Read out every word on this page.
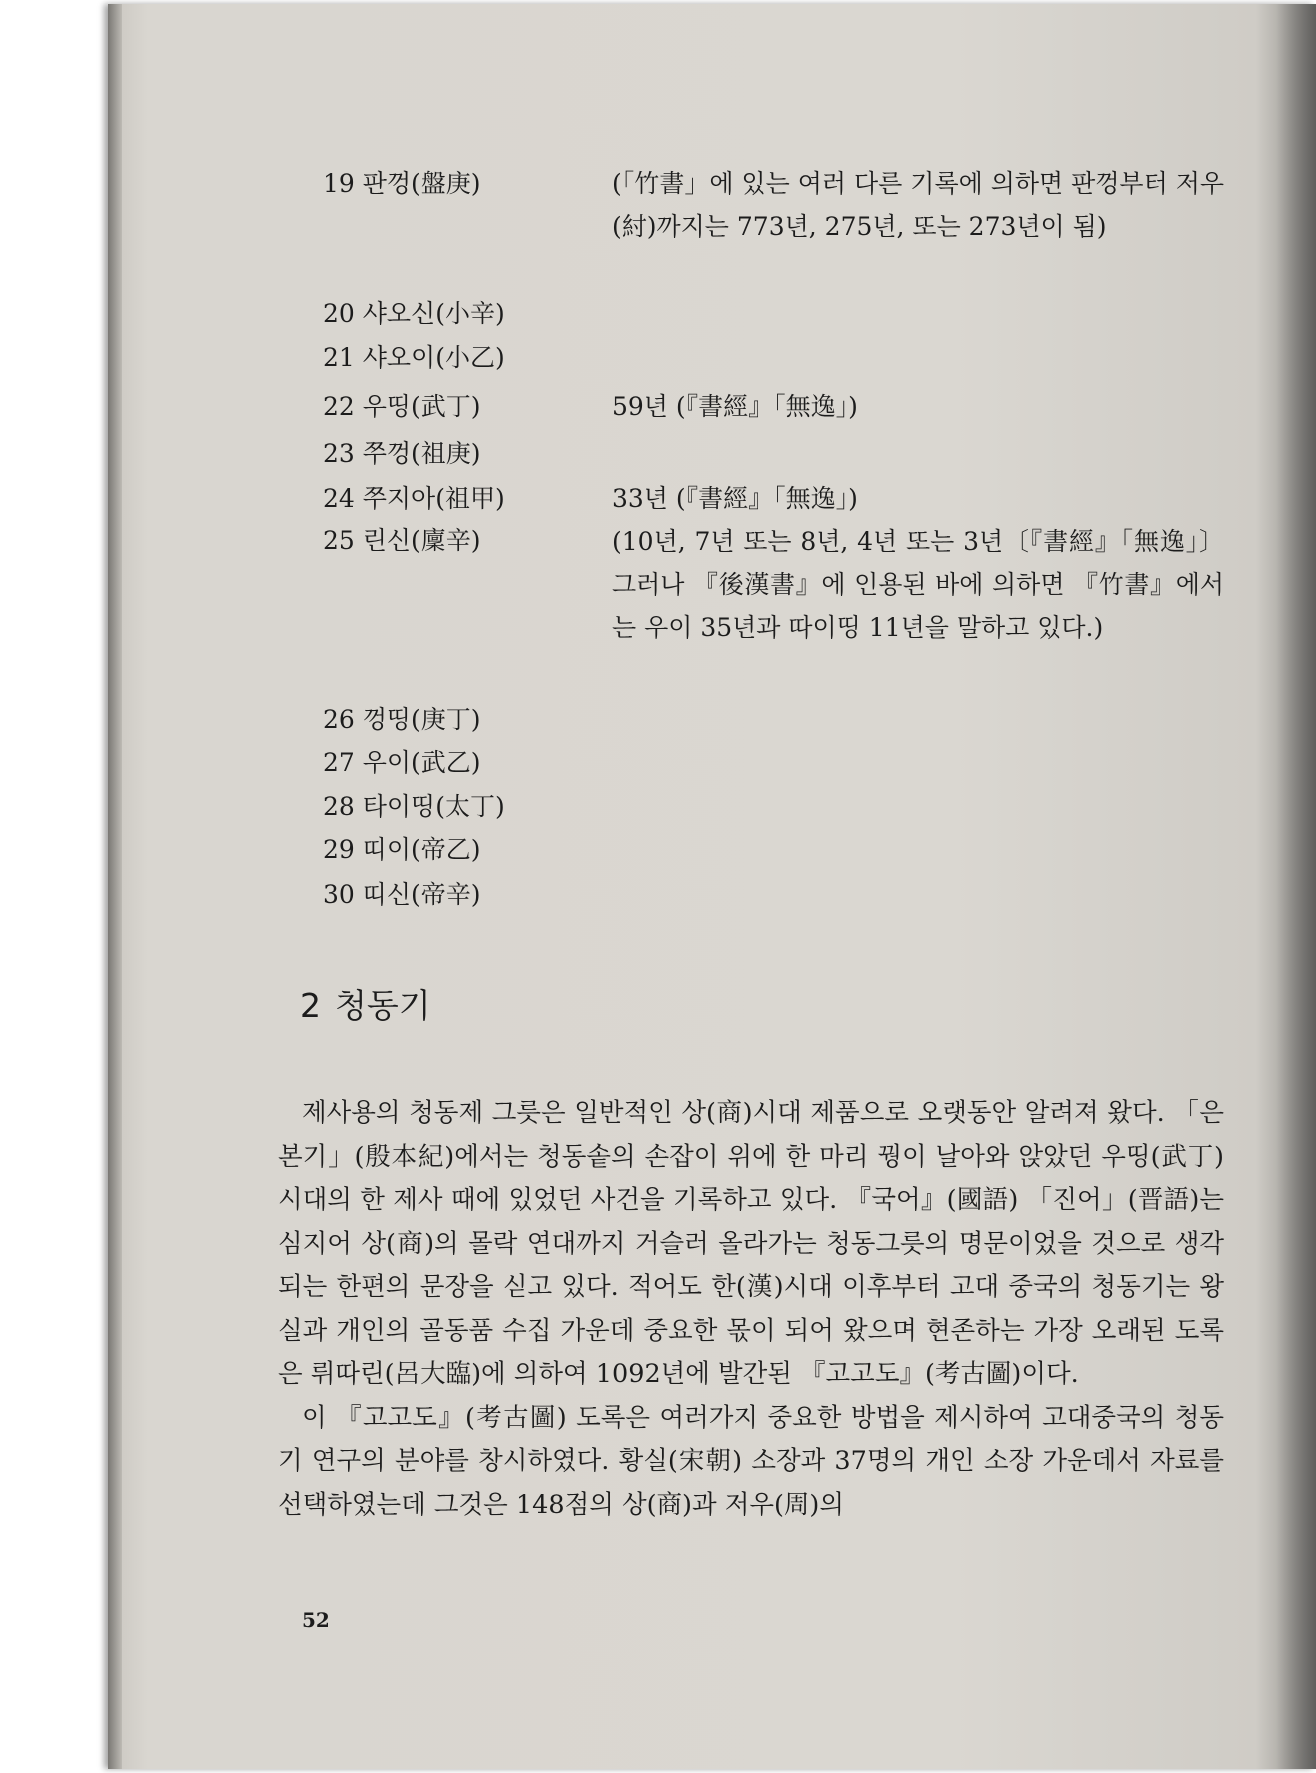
19 판껑(盤庚)
20 샤오신(小辛)
21 샤오이(小乙)
22 우띵(武丁)
23 쭈껑(祖庚)
24 쭈지아(祖甲)
25 린신(廩辛)
26 껑띵(庚丁)
27 우이(武乙)
28 타이띵(太丁)
29 띠이(帝乙)
30 띠신(帝辛)
(「竹書」에 있는 여러 다른 기록에 의하면 판껑부터 저우(紂)까지는 773년, 275년, 또는 273년이 됨)
59년 (『書經』「無逸」)
33년 (『書經』「無逸」)
(10년, 7년 또는 8년, 4년 또는 3년〔『書經』「無逸」〕그러나 『後漢書』에 인용된 바에 의하면 『竹書』에서는 우이 35년과 따이띵 11년을 말하고 있다.)
2 청동기

제사용의 청동제 그릇은 일반적인 상(商)시대 제품으로 오랫동안 알려져 왔다. 「은본기」(殷本紀)에서는 청동솥의 손잡이 위에 한 마리 꿩이 날아와 앉았던 우띵(武丁)시대의 한 제사 때에 있었던 사건을 기록하고 있다. 『국어』(國語) 「진어」(晋語)는 심지어 상(商)의 몰락 연대까지 거슬러 올라가는 청동그릇의 명문이었을 것으로 생각되는 한편의 문장을 싣고 있다. 적어도 한(漢)시대 이후부터 고대 중국의 청동기는 왕실과 개인의 골동품 수집 가운데 중요한 몫이 되어 왔으며 현존하는 가장 오래된 도록은 뤼따린(呂大臨)에 의하여 1092년에 발간된 『고고도』(考古圖)이다.

이 『고고도』(考古圖) 도록은 여러가지 중요한 방법을 제시하여 고대중국의 청동기 연구의 분야를 창시하였다. 황실(宋朝) 소장과 37명의 개인 소장 가운데서 자료를 선택하였는데 그것은 148점의 상(商)과 저우(周)의

52
